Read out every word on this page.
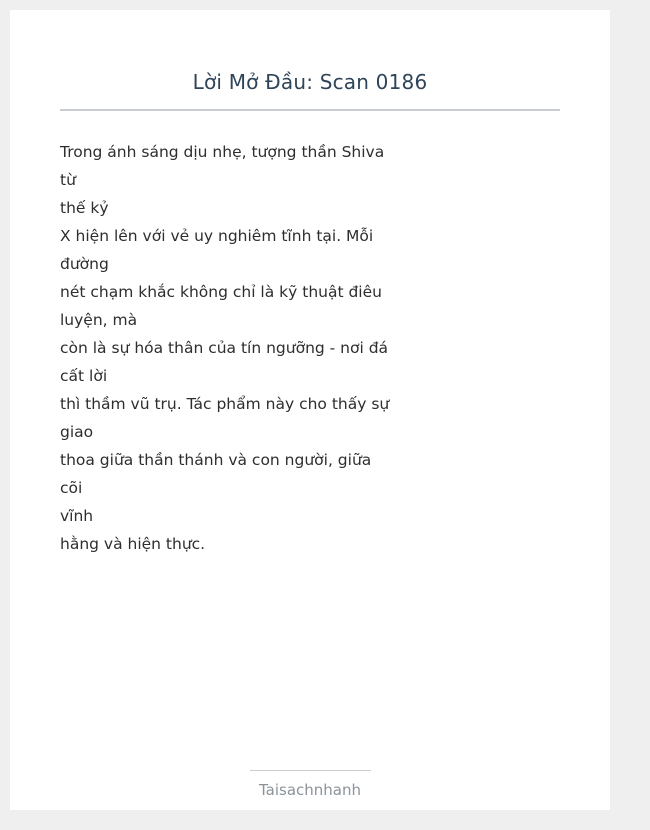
Lời Mở Đầu: Scan 0186
Trong ánh sáng dịu nhẹ, tượng thần Shiva từ
thế kỷ
X hiện lên với vẻ uy nghiêm tĩnh tại. Mỗi
đường
nét chạm khắc không chỉ là kỹ thuật điêu
luyện, mà
còn là sự hóa thân của tín ngưỡng - nơi đá
cất lời
thì thầm vũ trụ. Tác phẩm này cho thấy sự
giao
thoa giữa thần thánh và con người, giữa cõi
vĩnh
hằng và hiện thực.
Taisachnhanh
